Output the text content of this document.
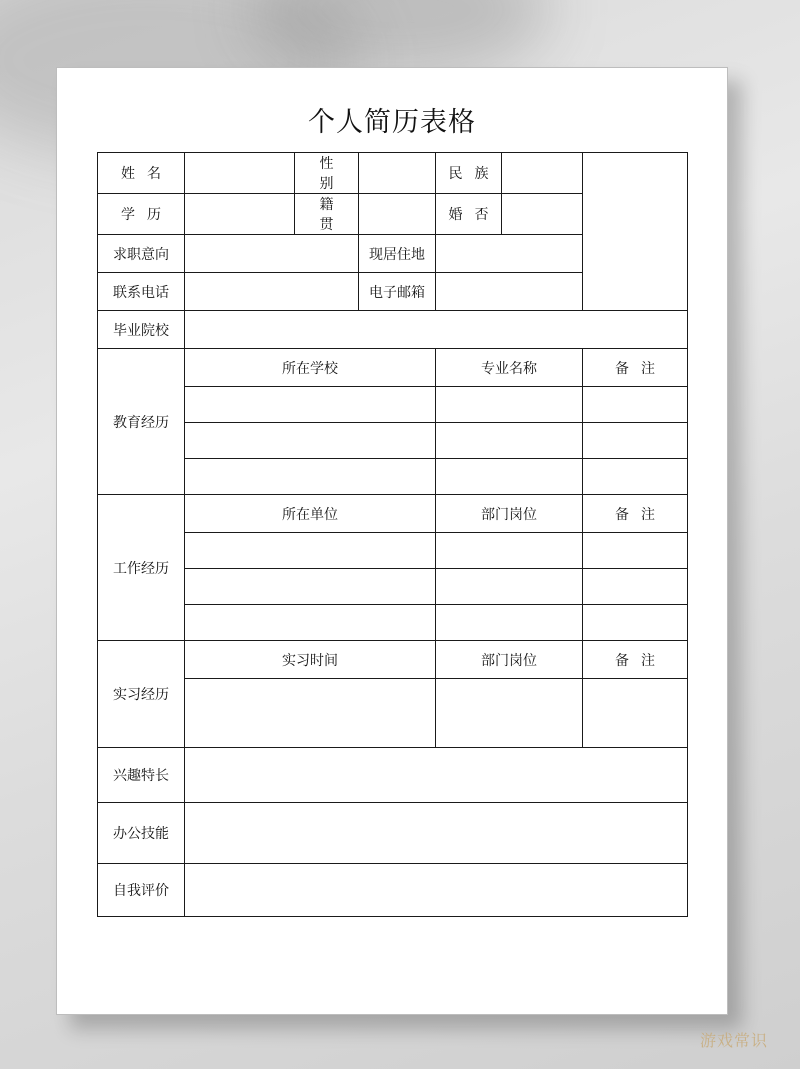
个人简历表格
姓名		性别		民族		
学历		籍贯		婚否		
求职意向			现居住地			
联系电话			电子邮箱			
毕业院校						
教育经历	所在学校			专业名称		备注

工作经历	所在单位			部门岗位		备注

实习经历	实习时间			部门岗位		备注

兴趣特长						
办公技能						
自我评价						
游戏常识
